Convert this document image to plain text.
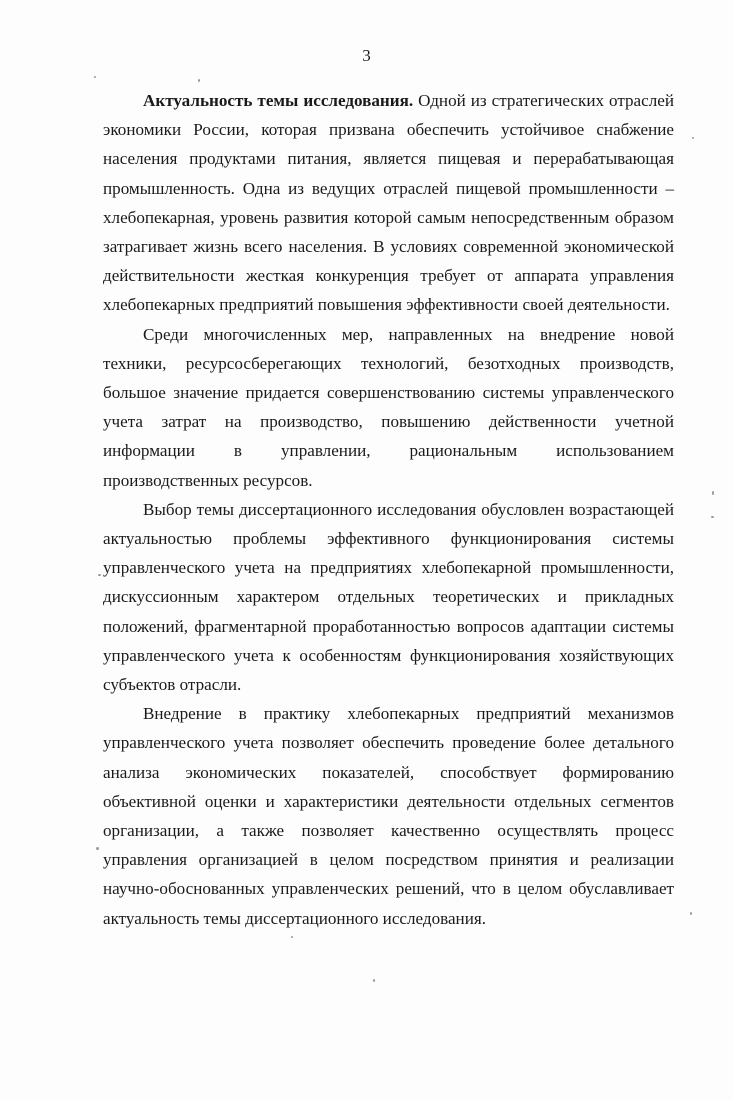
3

Актуальность темы исследования. Одной из стратегических отраслей экономики России, которая призвана обеспечить устойчивое снабжение населения продуктами питания, является пищевая и перерабатывающая промышленность. Одна из ведущих отраслей пищевой промышленности – хлебопекарная, уровень развития которой самым непосредственным образом затрагивает жизнь всего населения. В условиях современной экономической действительности жесткая конкуренция требует от аппарата управления хлебопекарных предприятий повышения эффективности своей деятельности.

Среди многочисленных мер, направленных на внедрение новой техники, ресурсосберегающих технологий, безотходных производств, большое значение придается совершенствованию системы управленческого учета затрат на производство, повышению действенности учетной информации в управлении, рациональным использованием производственных ресурсов.

Выбор темы диссертационного исследования обусловлен возрастающей актуальностью проблемы эффективного функционирования системы управленческого учета на предприятиях хлебопекарной промышленности, дискуссионным характером отдельных теоретических и прикладных положений, фрагментарной проработанностью вопросов адаптации системы управленческого учета к особенностям функционирования хозяйствующих субъектов отрасли.

Внедрение в практику хлебопекарных предприятий механизмов управленческого учета позволяет обеспечить проведение более детального анализа экономических показателей, способствует формированию объективной оценки и характеристики деятельности отдельных сегментов организации, а также позволяет качественно осуществлять процесс управления организацией в целом посредством принятия и реализации научно-обоснованных управленческих решений, что в целом обуславливает актуальность темы диссертационного исследования.
